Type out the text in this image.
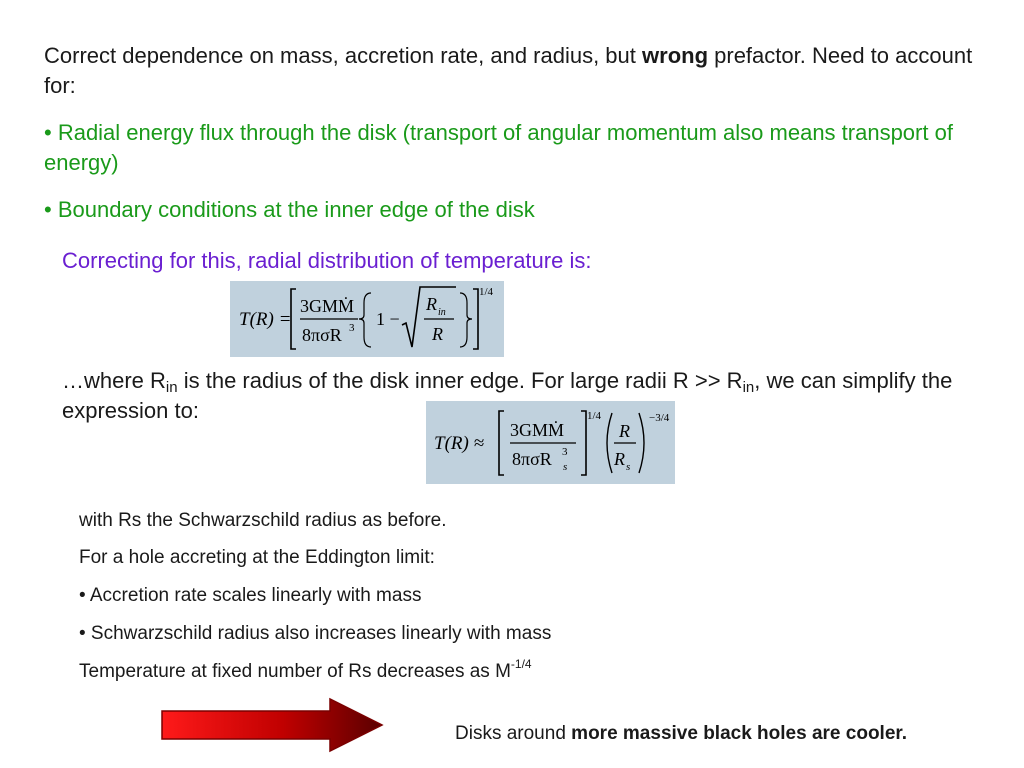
Correct dependence on mass, accretion rate, and radius, but wrong prefactor. Need to account for:
• Radial energy flux through the disk (transport of angular momentum also means transport of energy)
• Boundary conditions at the inner edge of the disk
Correcting for this, radial distribution of temperature is:
T(R) =
3GMṀ
8πσR 3 1 −
R in
R
1/4
…where $R_{in}$ is the radius of the disk inner edge. For large radii $R >> R_{in}$, we can simplify the expression to:
T(R) ≈
3GMṀ
8πσR 3
s
1/4
R
R s
−3/4
with Rs the Schwarzschild radius as before.
For a hole accreting at the Eddington limit:
• Accretion rate scales linearly with mass
• Schwarzschild radius also increases linearly with mass
Temperature at fixed number of Rs decreases as $M^{-1/4}$
Disks around more massive black holes are cooler.
